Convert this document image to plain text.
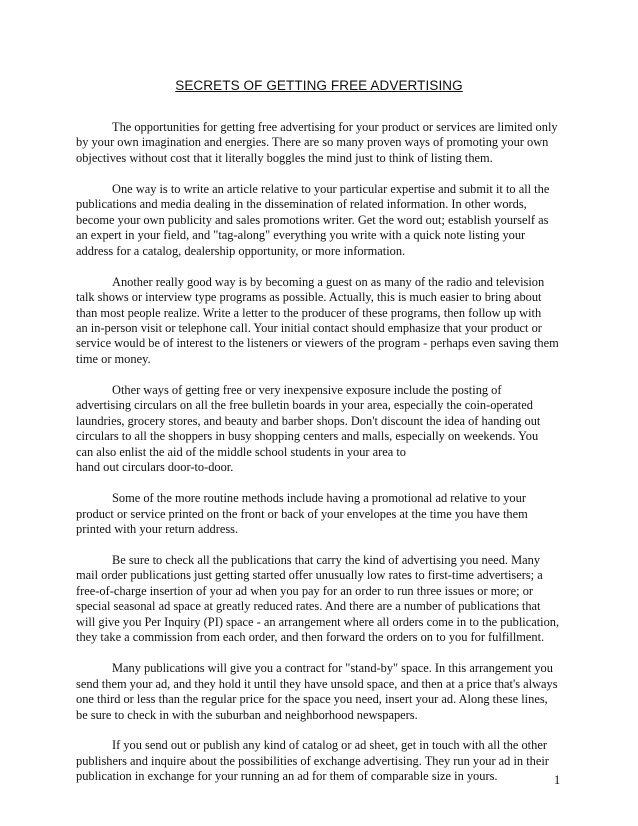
SECRETS OF GETTING FREE ADVERTISING

The opportunities for getting free advertising for your product or services are limited only
by your own imagination and energies. There are so many proven ways of promoting your own
objectives without cost that it literally boggles the mind just to think of listing them.

One way is to write an article relative to your particular expertise and submit it to all the
publications and media dealing in the dissemination of related information. In other words,
become your own publicity and sales promotions writer. Get the word out; establish yourself as
an expert in your field, and "tag-along" everything you write with a quick note listing your
address for a catalog, dealership opportunity, or more information.

Another really good way is by becoming a guest on as many of the radio and television
talk shows or interview type programs as possible. Actually, this is much easier to bring about
than most people realize. Write a letter to the producer of these programs, then follow up with
an in-person visit or telephone call. Your initial contact should emphasize that your product or
service would be of interest to the listeners or viewers of the program - perhaps even saving them
time or money.

Other ways of getting free or very inexpensive exposure include the posting of
advertising circulars on all the free bulletin boards in your area, especially the coin-operated
laundries, grocery stores, and beauty and barber shops. Don't discount the idea of handing out
circulars to all the shoppers in busy shopping centers and malls, especially on weekends. You
can also enlist the aid of the middle school students in your area to
hand out circulars door-to-door.

Some of the more routine methods include having a promotional ad relative to your
product or service printed on the front or back of your envelopes at the time you have them
printed with your return address.

Be sure to check all the publications that carry the kind of advertising you need. Many
mail order publications just getting started offer unusually low rates to first-time advertisers; a
free-of-charge insertion of your ad when you pay for an order to run three issues or more; or
special seasonal ad space at greatly reduced rates. And there are a number of publications that
will give you Per Inquiry (PI) space - an arrangement where all orders come in to the publication,
they take a commission from each order, and then forward the orders on to you for fulfillment.

Many publications will give you a contract for "stand-by" space. In this arrangement you
send them your ad, and they hold it until they have unsold space, and then at a price that's always
one third or less than the regular price for the space you need, insert your ad. Along these lines,
be sure to check in with the suburban and neighborhood newspapers.

If you send out or publish any kind of catalog or ad sheet, get in touch with all the other
publishers and inquire about the possibilities of exchange advertising. They run your ad in their
publication in exchange for your running an ad for them of comparable size in yours.	1
